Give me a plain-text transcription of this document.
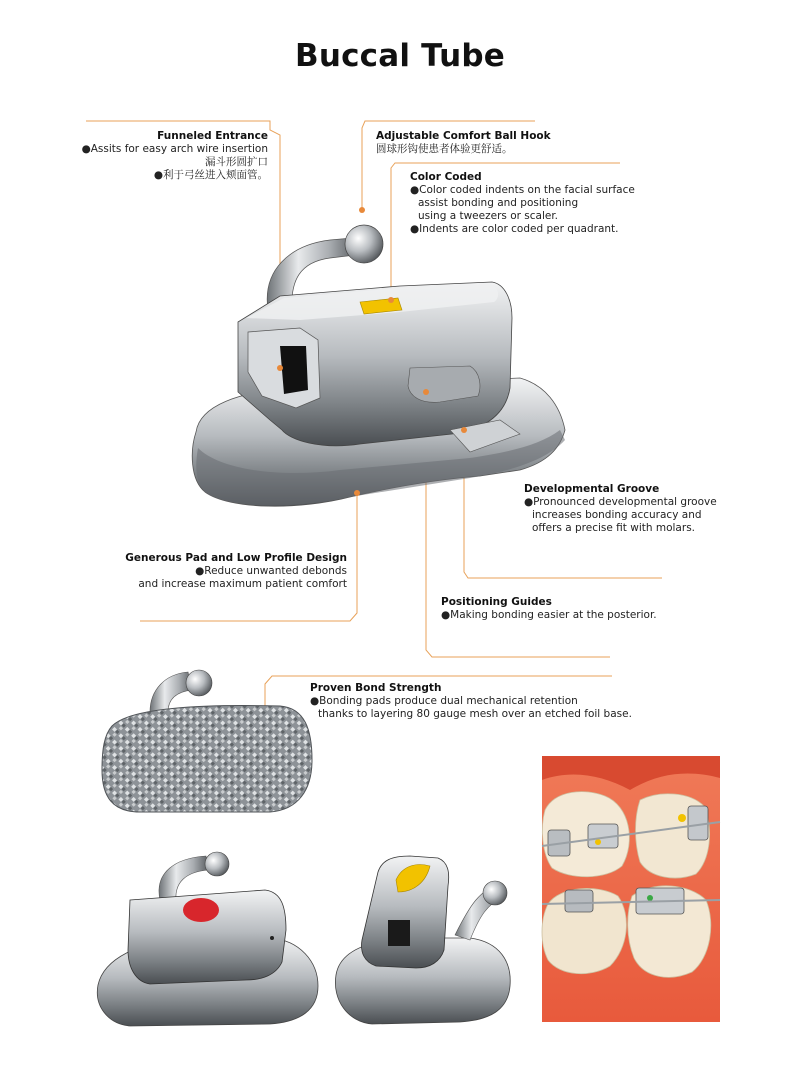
Buccal Tube
Funneled Entrance
●Assits for easy arch wire insertion
漏斗形圆扩口
●利于弓丝进入颊面管。
Adjustable Comfort Ball Hook
圆球形钩使患者体验更舒适。
Color Coded
●Color coded indents on the facial surface
assist bonding and positioning
using a tweezers or scaler.
●Indents are color coded per quadrant.
Developmental Groove
●Pronounced developmental groove
increases bonding accuracy and
offers a precise fit with molars.
Generous Pad and Low Profile Design
●Reduce unwanted debonds
and increase maximum patient comfort
Positioning Guides
●Making bonding easier at the posterior.
Proven Bond Strength
●Bonding pads produce dual mechanical retention
thanks to layering 80 gauge mesh over an etched foil base.
